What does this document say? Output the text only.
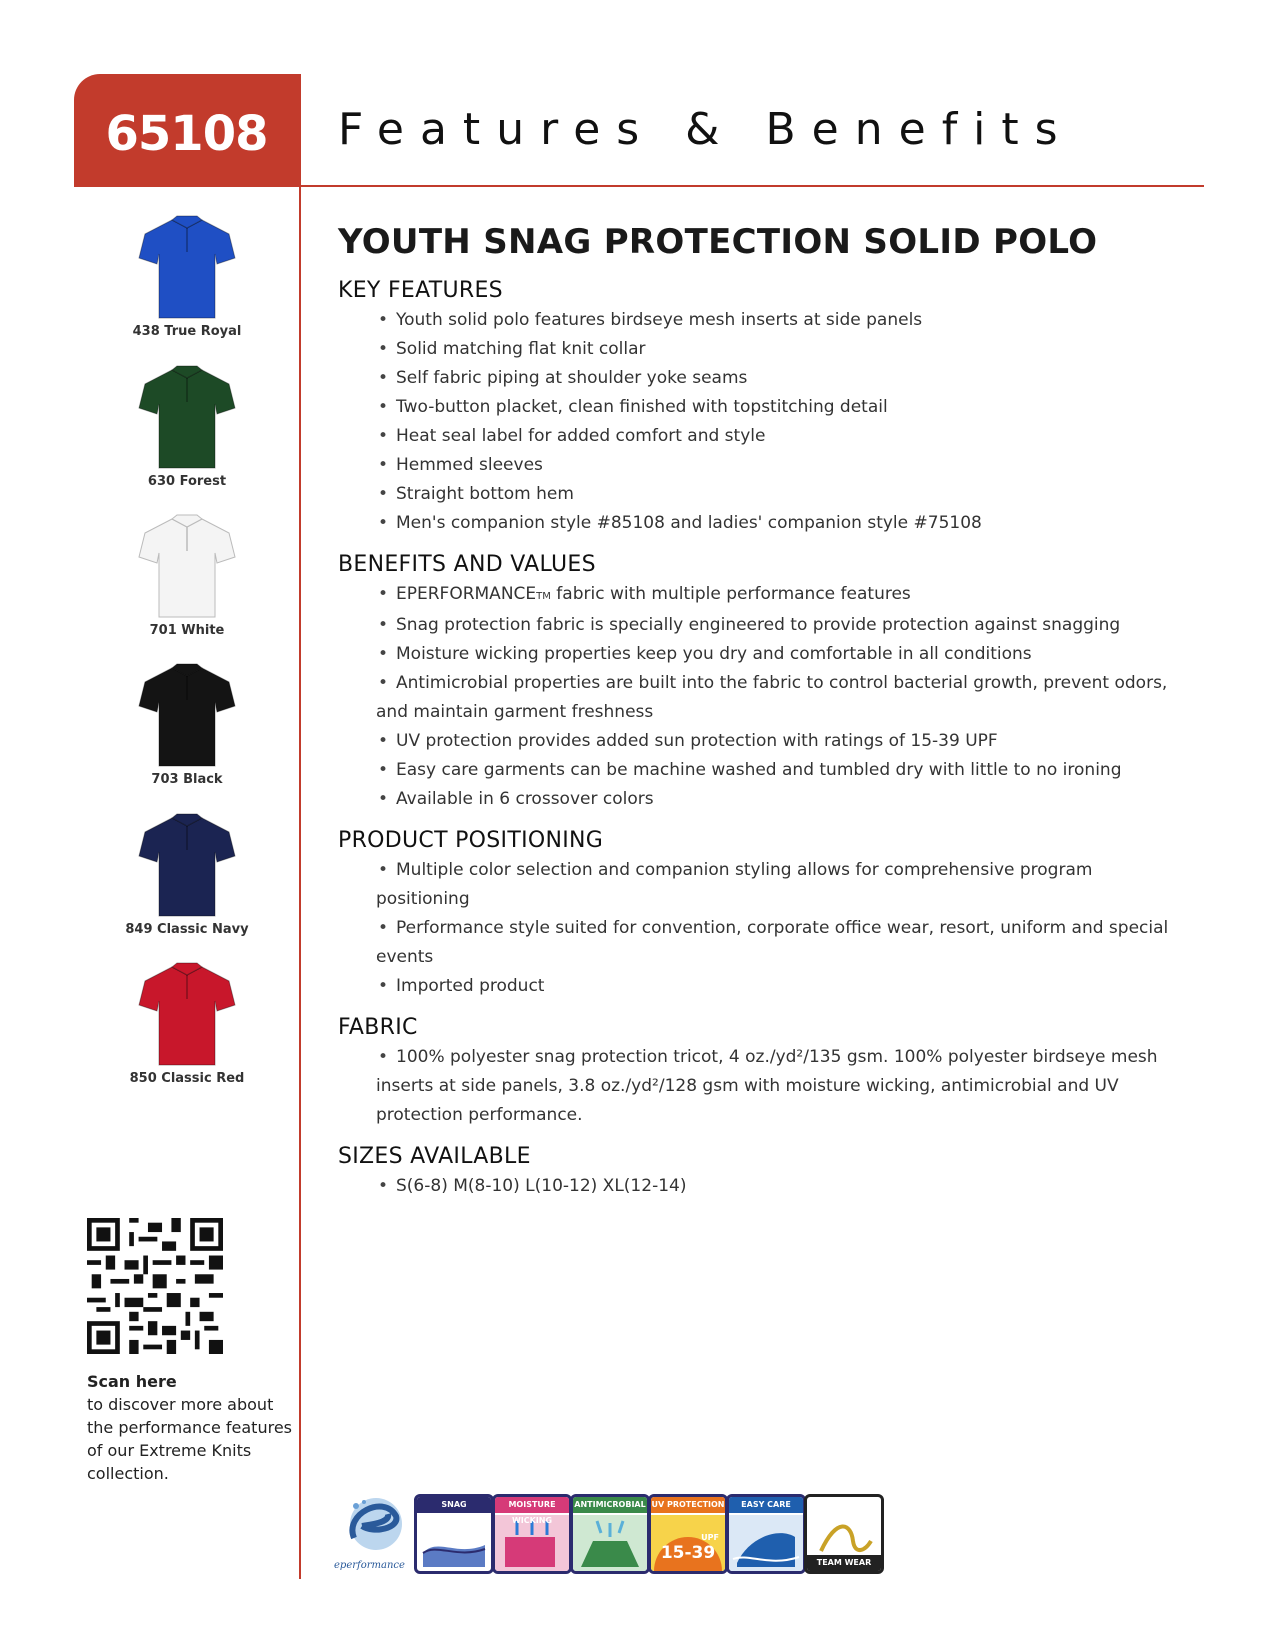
65108	Features & Benefits
438 True Royal
630 Forest
701 White
703 Black
849 Classic Navy
850 Classic Red
Scan here
to discover more about the performance features of our Extreme Knits collection.
YOUTH SNAG PROTECTION SOLID POLO
KEY FEATURES
• Youth solid polo features birdseye mesh inserts at side panels
• Solid matching flat knit collar
• Self fabric piping at shoulder yoke seams
• Two-button placket, clean finished with topstitching detail
• Heat seal label for added comfort and style
• Hemmed sleeves
• Straight bottom hem
• Men's companion style #85108 and ladies' companion style #75108
BENEFITS AND VALUES
• EPERFORMANCETM fabric with multiple performance features
• Snag protection fabric is specially engineered to provide protection against snagging
• Moisture wicking properties keep you dry and comfortable in all conditions
• Antimicrobial properties are built into the fabric to control bacterial growth, prevent odors, and maintain garment freshness
• UV protection provides added sun protection with ratings of 15-39 UPF
• Easy care garments can be machine washed and tumbled dry with little to no ironing
• Available in 6 crossover colors
PRODUCT POSITIONING
• Multiple color selection and companion styling allows for comprehensive program positioning
• Performance style suited for convention, corporate office wear, resort, uniform and special events
• Imported product
FABRIC
• 100% polyester snag protection tricot, 4 oz./yd²/135 gsm. 100% polyester birdseye mesh inserts at side panels, 3.8 oz./yd²/128 gsm with moisture wicking, antimicrobial and UV protection performance.
SIZES AVAILABLE
• S(6-8) M(8-10) L(10-12) XL(12-14)
eperformance
SNAG PROTECTION
MOISTURE WICKING
ANTIMICROBIAL UV PROTECTION
15-39
UPF
EASY CARE
TEAM WEAR
